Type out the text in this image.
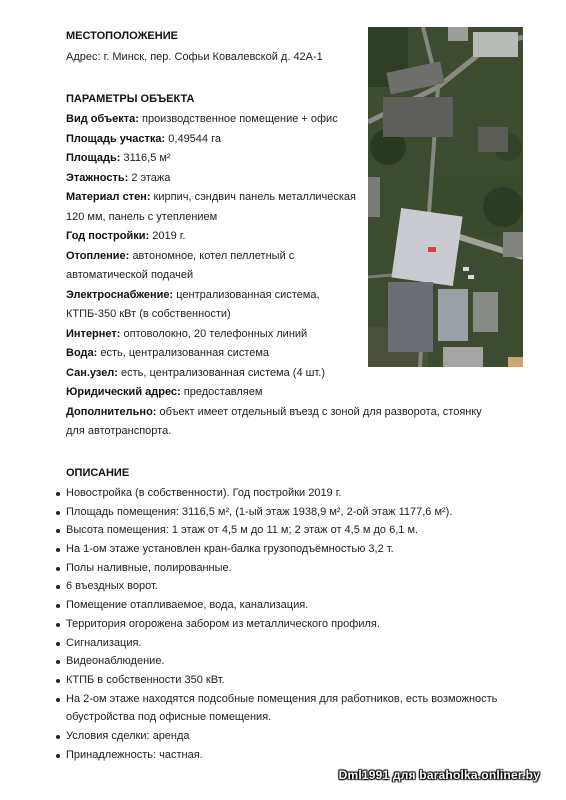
МЕСТОПОЛОЖЕНИЕ
Адрес: г. Минск, пер. Софьи Ковалевской д. 42А-1
ПАРАМЕТРЫ ОБЪЕКТА
Вид объекта: производственное помещение + офис
Площадь участка: 0,49544 га
Площадь: 3116,5 м²
Этажность: 2 этажа
Материал стен: кирпич, сэндвич панель металлическая
120 мм, панель с утеплением
Год постройки: 2019 г.
Отопление: автономное, котел пеллетный с
автоматической подачей
Электроснабжение: централизованная система,
КТПБ-350 кВт (в собственности)
Интернет: оптоволокно, 20 телефонных линий
Вода: есть, централизованная система
Сан.узел: есть, централизованная система (4 шт.)
Юридический адрес: предоставляем
Дополнительно: объект имеет отдельный въезд с зоной для разворота, стоянку
для автотранспорта.
ОПИСАНИЕ
Новостройка (в собственности). Год постройки 2019 г.
Площадь помещения: 3116,5 м², (1-ый этаж 1938,9 м², 2-ой этаж 1177,6 м²).
Высота помещения: 1 этаж от 4,5 м до 11 м; 2 этаж от 4,5 м до 6,1 м.
На 1-ом этаже установлен кран-балка грузоподъёмностью 3,2 т.
Полы наливные, полированные.
6 въездных ворот.
Помещение отапливаемое, вода, канализация.
Территория огорожена забором из металлического профиля.
Сигнализация.
Видеонаблюдение.
КТПБ в собственности 350 кВт.
На 2-ом этаже находятся подсобные помещения для работников, есть возможность
обустройства под офисные помещения.
Условия сделки: аренда
Принадлежность: частная.
Dml1991 для baraholka.onliner.by
